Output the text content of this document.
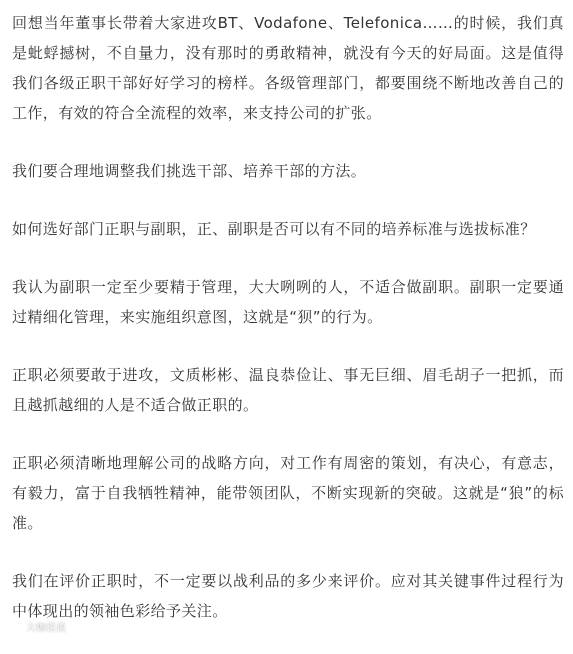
回想当年董事长带着大家进攻BT、Vodafone、Telefonica……的时候，我们真是蚍蜉撼树，不自量力，没有那时的勇敢精神，就没有今天的好局面。这是值得我们各级正职干部好好学习的榜样。各级管理部门，都要围绕不断地改善自己的工作，有效的符合全流程的效率，来支持公司的扩张。

我们要合理地调整我们挑选干部、培养干部的方法。

如何选好部门正职与副职，正、副职是否可以有不同的培养标准与选拔标准？

我认为副职一定至少要精于管理，大大咧咧的人，不适合做副职。副职一定要通过精细化管理，来实施组织意图，这就是“狈”的行为。

正职必须要敢于进攻，文质彬彬、温良恭俭让、事无巨细、眉毛胡子一把抓，而且越抓越细的人是不适合做正职的。

正职必须清晰地理解公司的战略方向，对工作有周密的策划，有决心，有意志，有毅力，富于自我牺牲精神，能带领团队，不断实现新的突破。这就是“狼”的标准。

我们在评价正职时，不一定要以战利品的多少来评价。应对其关键事件过程行为中体现出的领袖色彩给予关注。

大咖说说
